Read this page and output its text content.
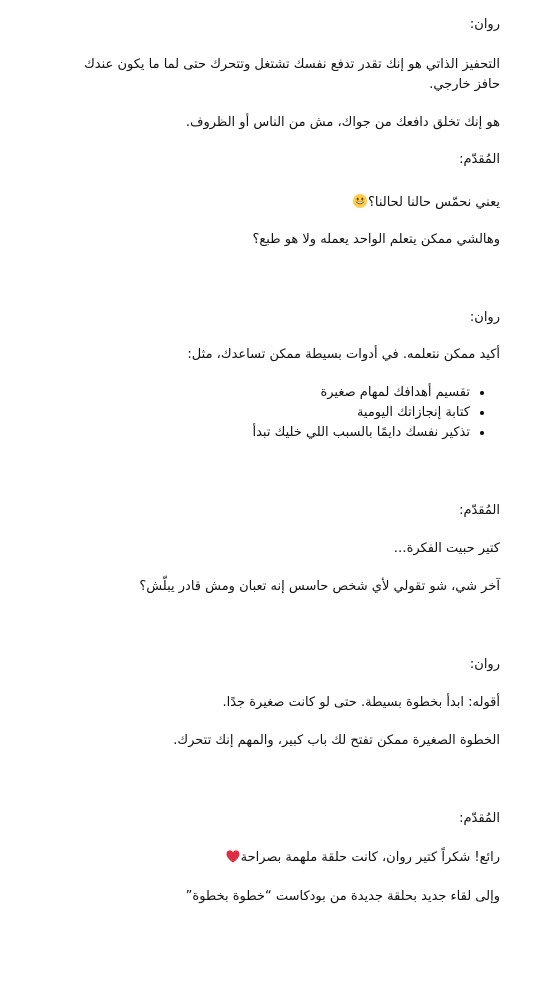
روان:

التحفيز الذاتي هو إنك تقدر تدفع نفسك تشتغل وتتحرك حتى لما ما يكون عندك حافز خارجي.

هو إنك تخلق دافعك من جواك، مش من الناس أو الظروف.

المُقدّم:

يعني نحمّس حالنا لحالنا؟

وهالشي ممكن يتعلم الواحد يعمله ولا هو طبع؟

روان:

أكيد ممكن نتعلمه. في أدوات بسيطة ممكن تساعدك، مثل:

• تقسيم أهدافك لمهام صغيرة
• كتابة إنجازاتك اليومية
• تذكير نفسك دايمًا بالسبب اللي خليك تبدأ

المُقدّم:

كتير حبيت الفكرة…

آخر شي، شو تقولي لأي شخص حاسس إنه تعبان ومش قادر يبلّش؟

روان:

أقوله: ابدأ بخطوة بسيطة. حتى لو كانت صغيرة جدًا.

الخطوة الصغيرة ممكن تفتح لك باب كبير، والمهم إنك تتحرك.

المُقدّم:

رائع! شكراً كتير روان، كانت حلقة ملهمة بصراحة

وإلى لقاء جديد بحلقة جديدة من بودكاست “خطوة بخطوة”
